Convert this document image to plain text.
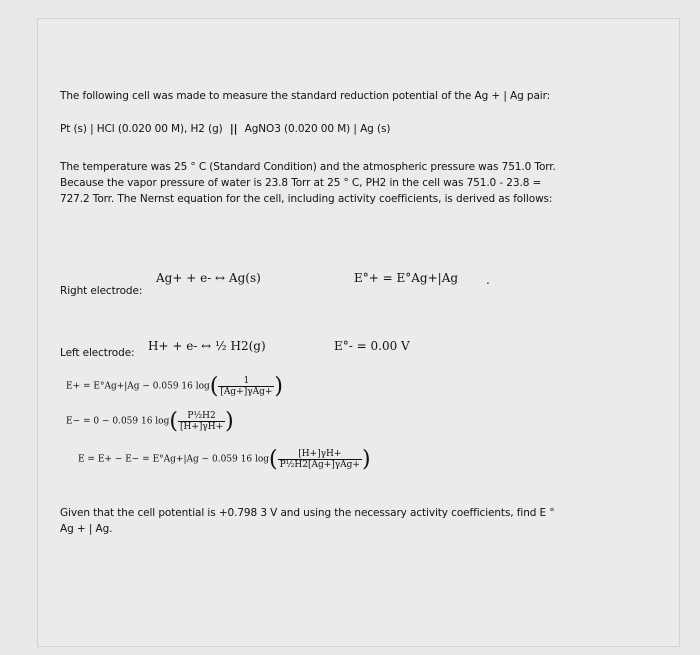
The following cell was made to measure the standard reduction potential of the Ag + | Ag pair:
Pt (s) | HCl (0.020 00 M), H2 (g) || AgNO3 (0.020 00 M) | Ag (s)
The temperature was 25 ° C (Standard Condition) and the atmospheric pressure was 751.0 Torr.
Because the vapor pressure of water is 23.8 Torr at 25 ° C, PH2 in the cell was 751.0 - 23.8 =
727.2 Torr. The Nernst equation for the cell, including activity coefficients, is derived as follows:
Right electrode:
Ag+ + e- ↔ Ag(s)	E°+ = E°Ag+|Ag .
Left electrode: H+ + e- ↔ ½ H2(g)	E°- = 0.00 V
E+ = E°Ag+|Ag − 0.059 16 $\log( \frac{1}{\text{[Ag+]γAg+}}$ )
E− = 0 − 0.059 16 $\log( \frac{\text{P½H2}}{[H+]\gamma H+}$ )
E = E+ − E− = E°Ag+|Ag − 0.059 16 $\log( \frac{[H+]\gamma H+}{\text{P½H2[Ag+]γAg+}}$ )
Given that the cell potential is +0.798 3 V and using the necessary activity coefficients, find E °
Ag + | Ag.
